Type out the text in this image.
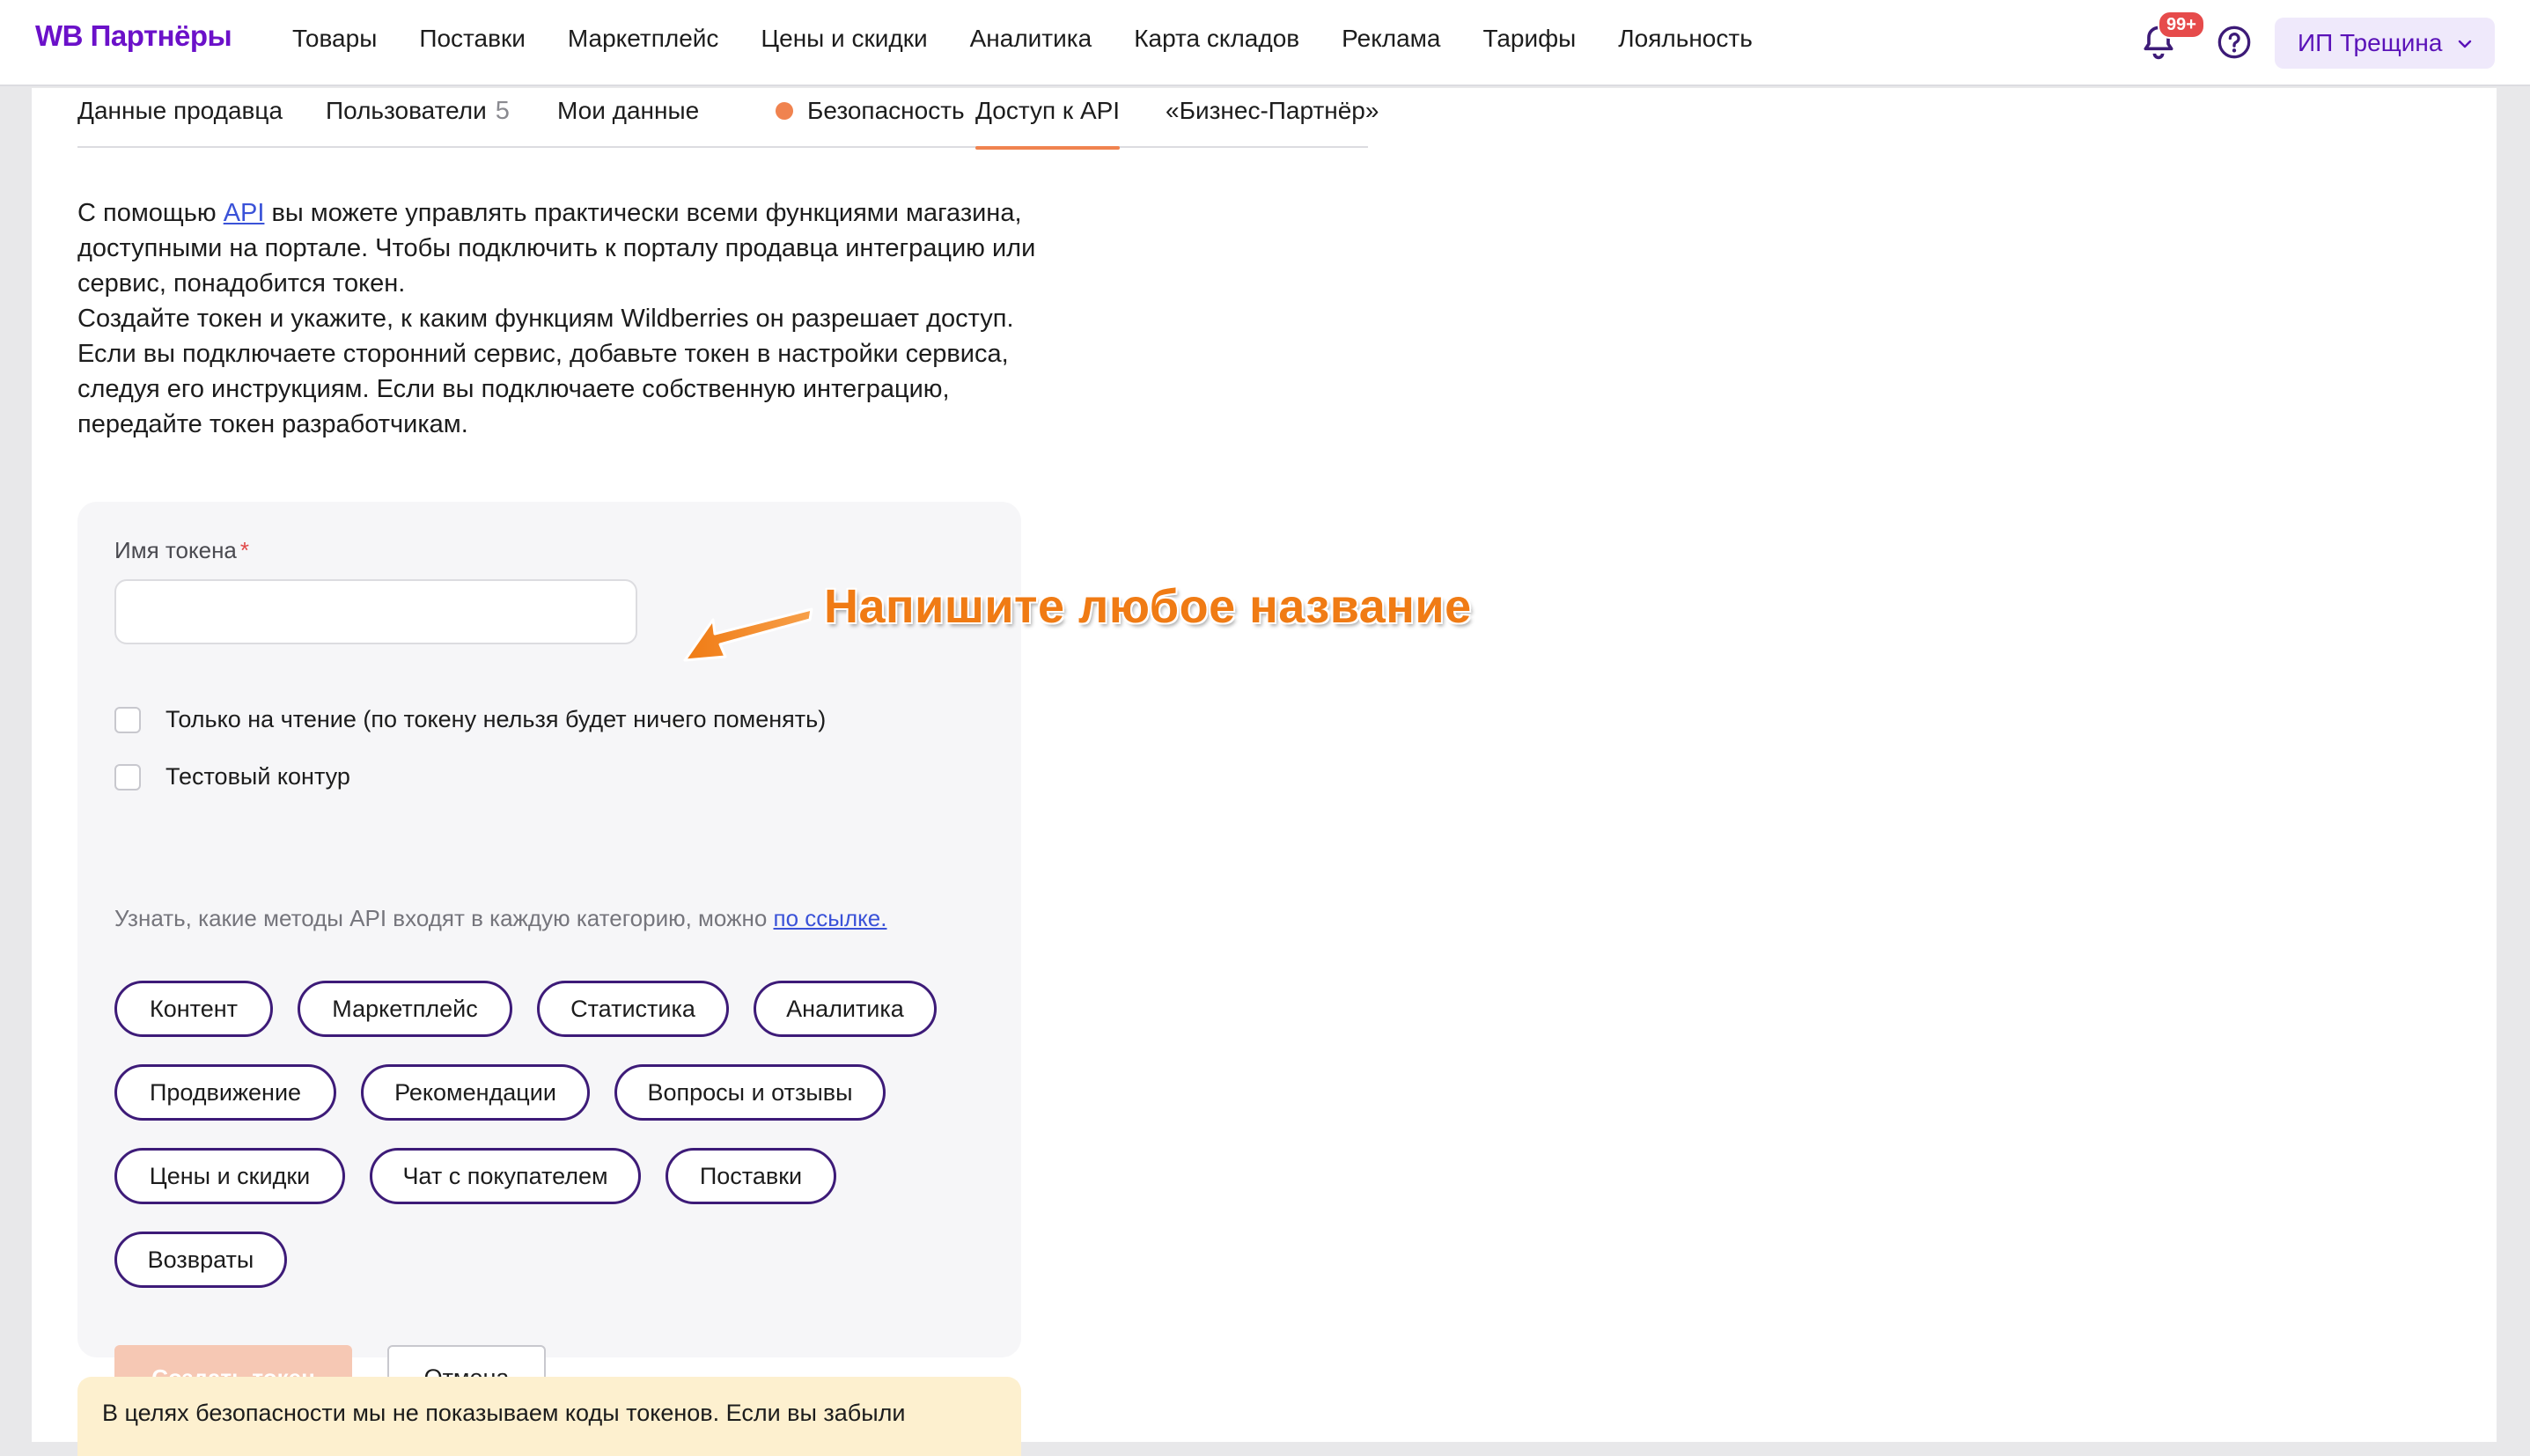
WB Партнёры Товары Поставки Маркетплейс Цены и скидки Аналитика Карта складов Реклама Тарифы Лояльность	99+
ИП Трещина
Данные продавца Пользователи 5 Мои данные	Безопасность Доступ к API «Бизнес-Партнёр»

С помощью API вы можете управлять практически всеми функциями магазина, доступными на портале. Чтобы подключить к порталу продавца интеграцию или сервис, понадобится токен.
Создайте токен и укажите, к каким функциям Wildberries он разрешает доступ. Если вы подключаете сторонний сервис, добавьте токен в настройки сервиса, следуя его инструкциям. Если вы подключаете собственную интеграцию, передайте токен разработчикам.

Имя токена *
Только на чтение (по токену нельзя будет ничего поменять)
Тестовый контур
Узнать, какие методы API входят в каждую категорию, можно по ссылке.
Контент	Маркетплейс	Статистика	Аналитика
Продвижение	Рекомендации	Вопросы и отзывы
Цены и скидки	Чат с покупателем	Поставки
Возвраты
В целях безопасности мы не показываем коды токенов. Если вы забыли
Напишите любое название
